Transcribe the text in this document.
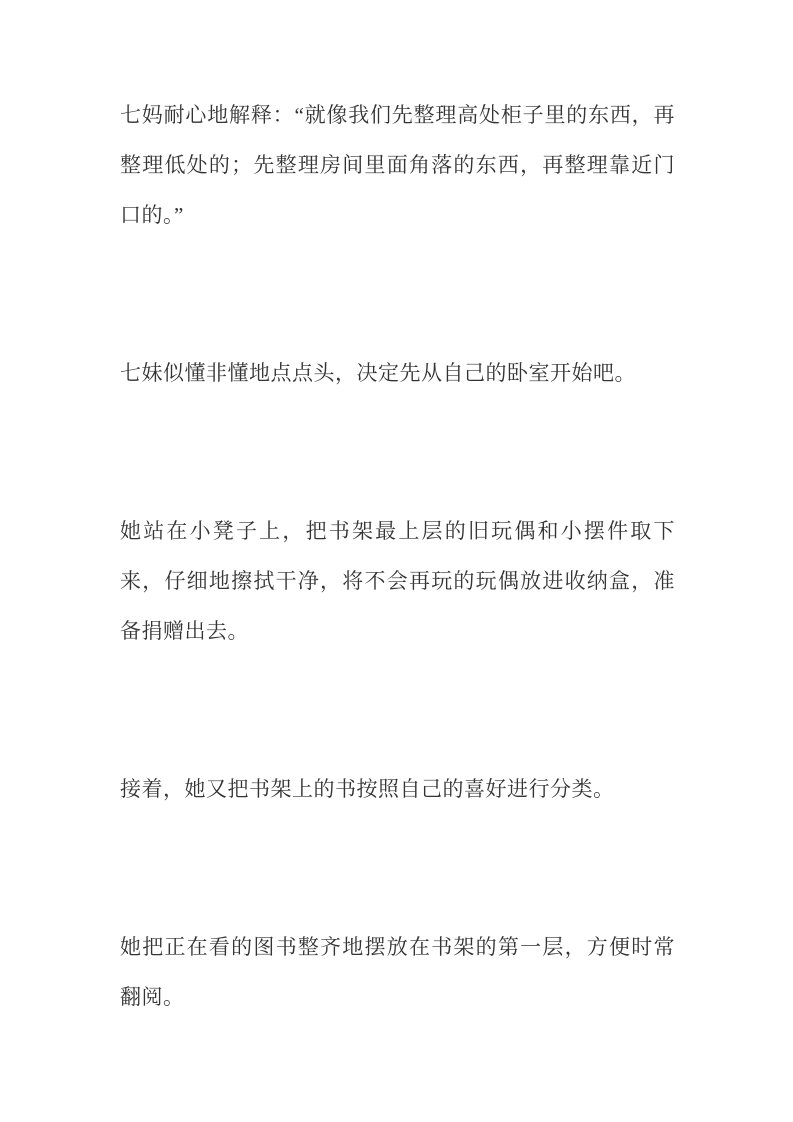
七妈耐心地解释：“就像我们先整理高处柜子里的东西，再整理低处的；先整理房间里面角落的东西，再整理靠近门口的。”

七妹似懂非懂地点点头，决定先从自己的卧室开始吧。

她站在小凳子上，把书架最上层的旧玩偶和小摆件取下来，仔细地擦拭干净，将不会再玩的玩偶放进收纳盒，准备捐赠出去。

接着，她又把书架上的书按照自己的喜好进行分类。

她把正在看的图书整齐地摆放在书架的第一层，方便时常翻阅。
